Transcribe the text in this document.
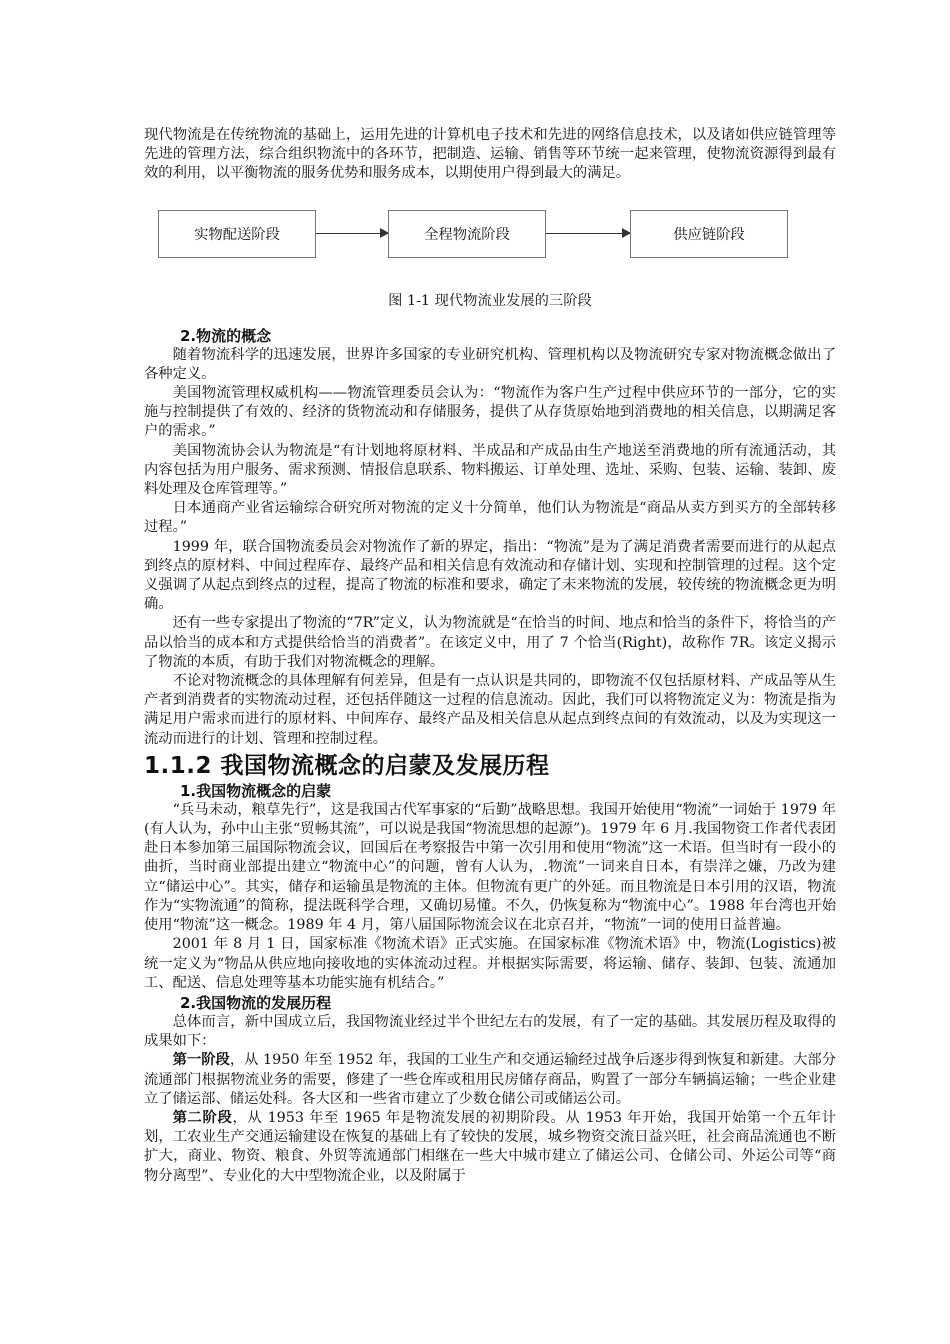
现代物流是在传统物流的基础上，运用先进的计算机电子技术和先进的网络信息技术，以及诸如供应链管理等先进的管理方法，综合组织物流中的各环节，把制造、运输、销售等环节统一起来管理，使物流资源得到最有效的利用，以平衡物流的服务优势和服务成本，以期使用户得到最大的满足。

实物配送阶段	全程物流阶段	供应链阶段
图 1-1 现代物流业发展的三阶段
2.物流的概念

随着物流科学的迅速发展，世界许多国家的专业研究机构、管理机构以及物流研究专家对物流概念做出了各种定义。

美国物流管理权威机构——物流管理委员会认为：“物流作为客户生产过程中供应环节的一部分，它的实施与控制提供了有效的、经济的货物流动和存储服务，提供了从存货原始地到消费地的相关信息，以期满足客户的需求。”

美国物流协会认为物流是“有计划地将原材料、半成品和产成品由生产地送至消费地的所有流通活动，其内容包括为用户服务、需求预测、情报信息联系、物料搬运、订单处理、选址、采购、包装、运输、装卸、废料处理及仓库管理等。”

日本通商产业省运输综合研究所对物流的定义十分简单，他们认为物流是“商品从卖方到买方的全部转移过程。”

1999 年，联合国物流委员会对物流作了新的界定，指出：“物流”是为了满足消费者需要而进行的从起点到终点的原材料、中间过程库存、最终产品和相关信息有效流动和存储计划、实现和控制管理的过程。这个定义强调了从起点到终点的过程，提高了物流的标准和要求，确定了未来物流的发展，较传统的物流概念更为明确。

还有一些专家提出了物流的“7R”定义，认为物流就是“在恰当的时间、地点和恰当的条件下，将恰当的产品以恰当的成本和方式提供给恰当的消费者”。在该定义中，用了 7 个恰当(Right)，故称作 7R。该定义揭示了物流的本质，有助于我们对物流概念的理解。

不论对物流概念的具体理解有何差异，但是有一点认识是共同的，即物流不仅包括原材料、产成品等从生产者到消费者的实物流动过程，还包括伴随这一过程的信息流动。因此，我们可以将物流定义为：物流是指为满足用户需求而进行的原材料、中间库存、最终产品及相关信息从起点到终点间的有效流动，以及为实现这一流动而进行的计划、管理和控制过程。

1.1.2 我国物流概念的启蒙及发展历程
1.我国物流概念的启蒙

“兵马未动，粮草先行”，这是我国古代军事家的“后勤”战略思想。我国开始使用“物流”一词始于 1979 年(有人认为，孙中山主张“贸畅其流”，可以说是我国“物流思想的起源”)。1979 年 6 月.我国物资工作者代表团赴日本参加第三届国际物流会议，回国后在考察报告中第一次引用和使用“物流”这一术语。但当时有一段小的曲折，当时商业部提出建立“物流中心”的问题，曾有人认为，.物流”一词来自日本，有崇洋之嫌，乃改为建立“储运中心”。其实，储存和运输虽是物流的主体。但物流有更广的外延。而且物流是日本引用的汉语，物流作为“实物流通”的简称，提法既科学合理，又确切易懂。不久，仍恢复称为“物流中心”。1988 年台湾也开始使用“物流”这一概念。1989 年 4 月，第八届国际物流会议在北京召并，“物流”一词的使用日益普遍。

2001 年 8 月 1 日，国家标准《物流术语》正式实施。在国家标准《物流术语》中，物流(Logistics)被统一定义为“物品从供应地向接收地的实体流动过程。并根据实际需要，将运输、储存、装卸、包装、流通加工、配送、信息处理等基本功能实施有机结合。”

2.我国物流的发展历程

总体而言，新中国成立后，我国物流业经过半个世纪左右的发展，有了一定的基础。其发展历程及取得的成果如下：

第一阶段，从 1950 年至 1952 年，我国的工业生产和交通运输经过战争后逐步得到恢复和新建。大部分流通部门根据物流业务的需要，修建了一些仓库或租用民房储存商品，购置了一部分车辆搞运输；一些企业建立了储运部、储运处科。各大区和一些省市建立了少数仓储公司或储运公司。

第二阶段，从 1953 年至 1965 年是物流发展的初期阶段。从 1953 年开始，我国开始第一个五年计划，工农业生产交通运输建设在恢复的基础上有了较快的发展，城乡物资交流日益兴旺，社会商品流通也不断扩大，商业、物资、粮食、外贸等流通部门相继在一些大中城市建立了储运公司、仓储公司、外运公司等“商物分离型”、专业化的大中型物流企业，以及附属于
